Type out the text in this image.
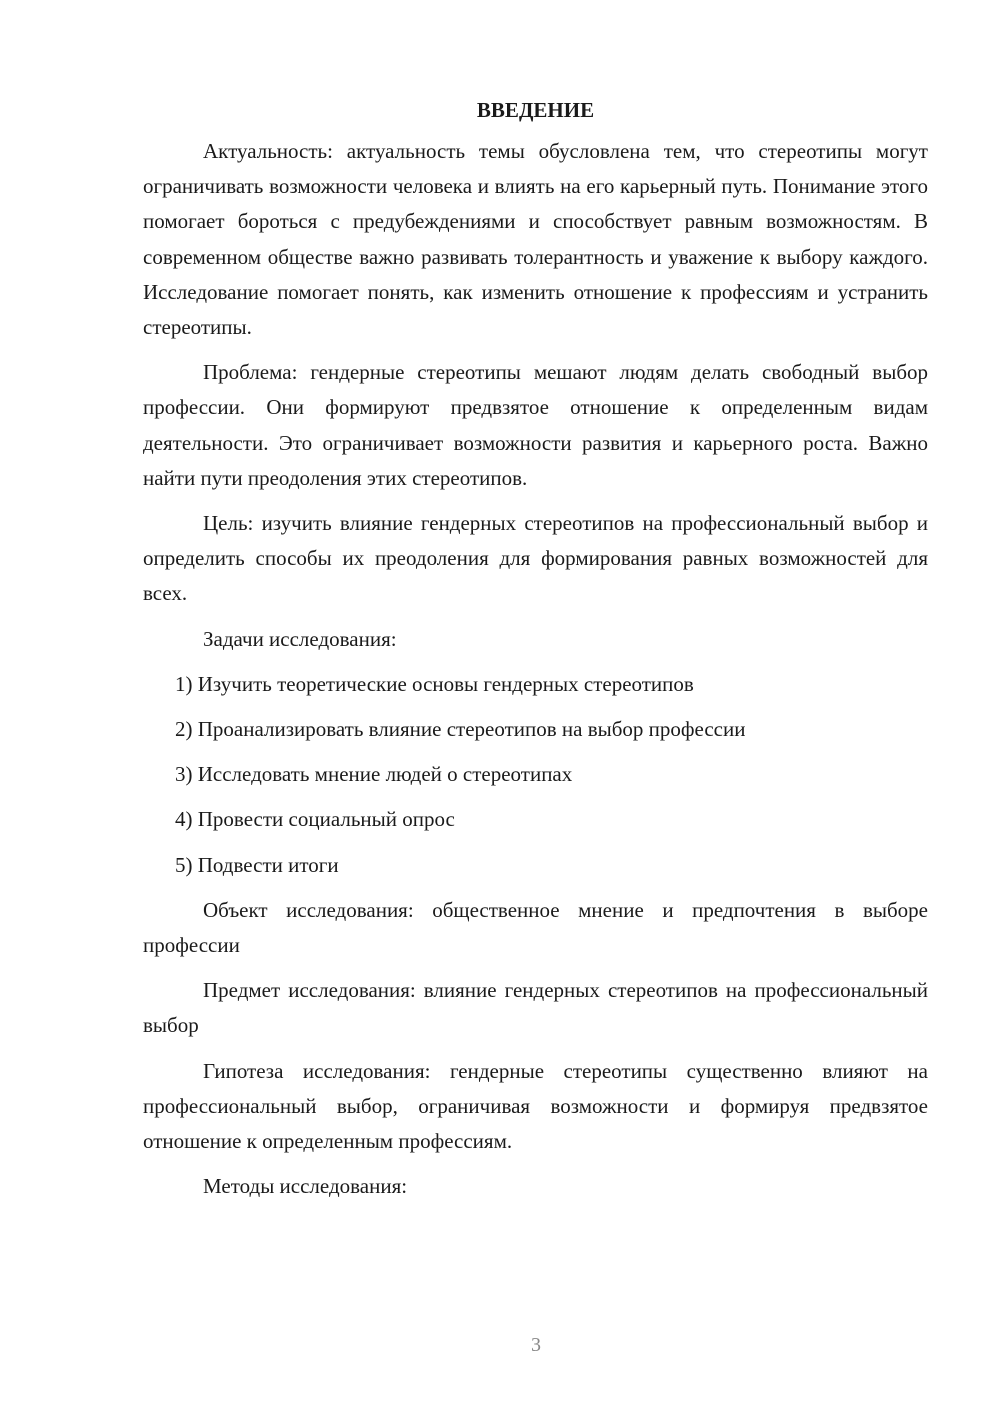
ВВЕДЕНИЕ

Актуальность: актуальность темы обусловлена тем, что стереотипы могут ограничивать возможности человека и влиять на его карьерный путь. Понимание этого помогает бороться с предубеждениями и способствует равным возможностям. В современном обществе важно развивать толерантность и уважение к выбору каждого. Исследование помогает понять, как изменить отношение к профессиям и устранить стереотипы.

Проблема: гендерные стереотипы мешают людям делать свободный выбор профессии. Они формируют предвзятое отношение к определенным видам деятельности. Это ограничивает возможности развития и карьерного роста. Важно найти пути преодоления этих стереотипов.

Цель: изучить влияние гендерных стереотипов на профессиональный выбор и определить способы их преодоления для формирования равных возможностей для всех.

Задачи исследования:

1) Изучить теоретические основы гендерных стереотипов
2) Проанализировать влияние стереотипов на выбор профессии
3) Исследовать мнение людей о стереотипах
4) Провести социальный опрос
5) Подвести итоги

Объект исследования: общественное мнение и предпочтения в выборе профессии

Предмет исследования: влияние гендерных стереотипов на профессиональный выбор

Гипотеза исследования: гендерные стереотипы существенно влияют на профессиональный выбор, ограничивая возможности и формируя предвзятое отношение к определенным профессиям.

Методы исследования:

3
